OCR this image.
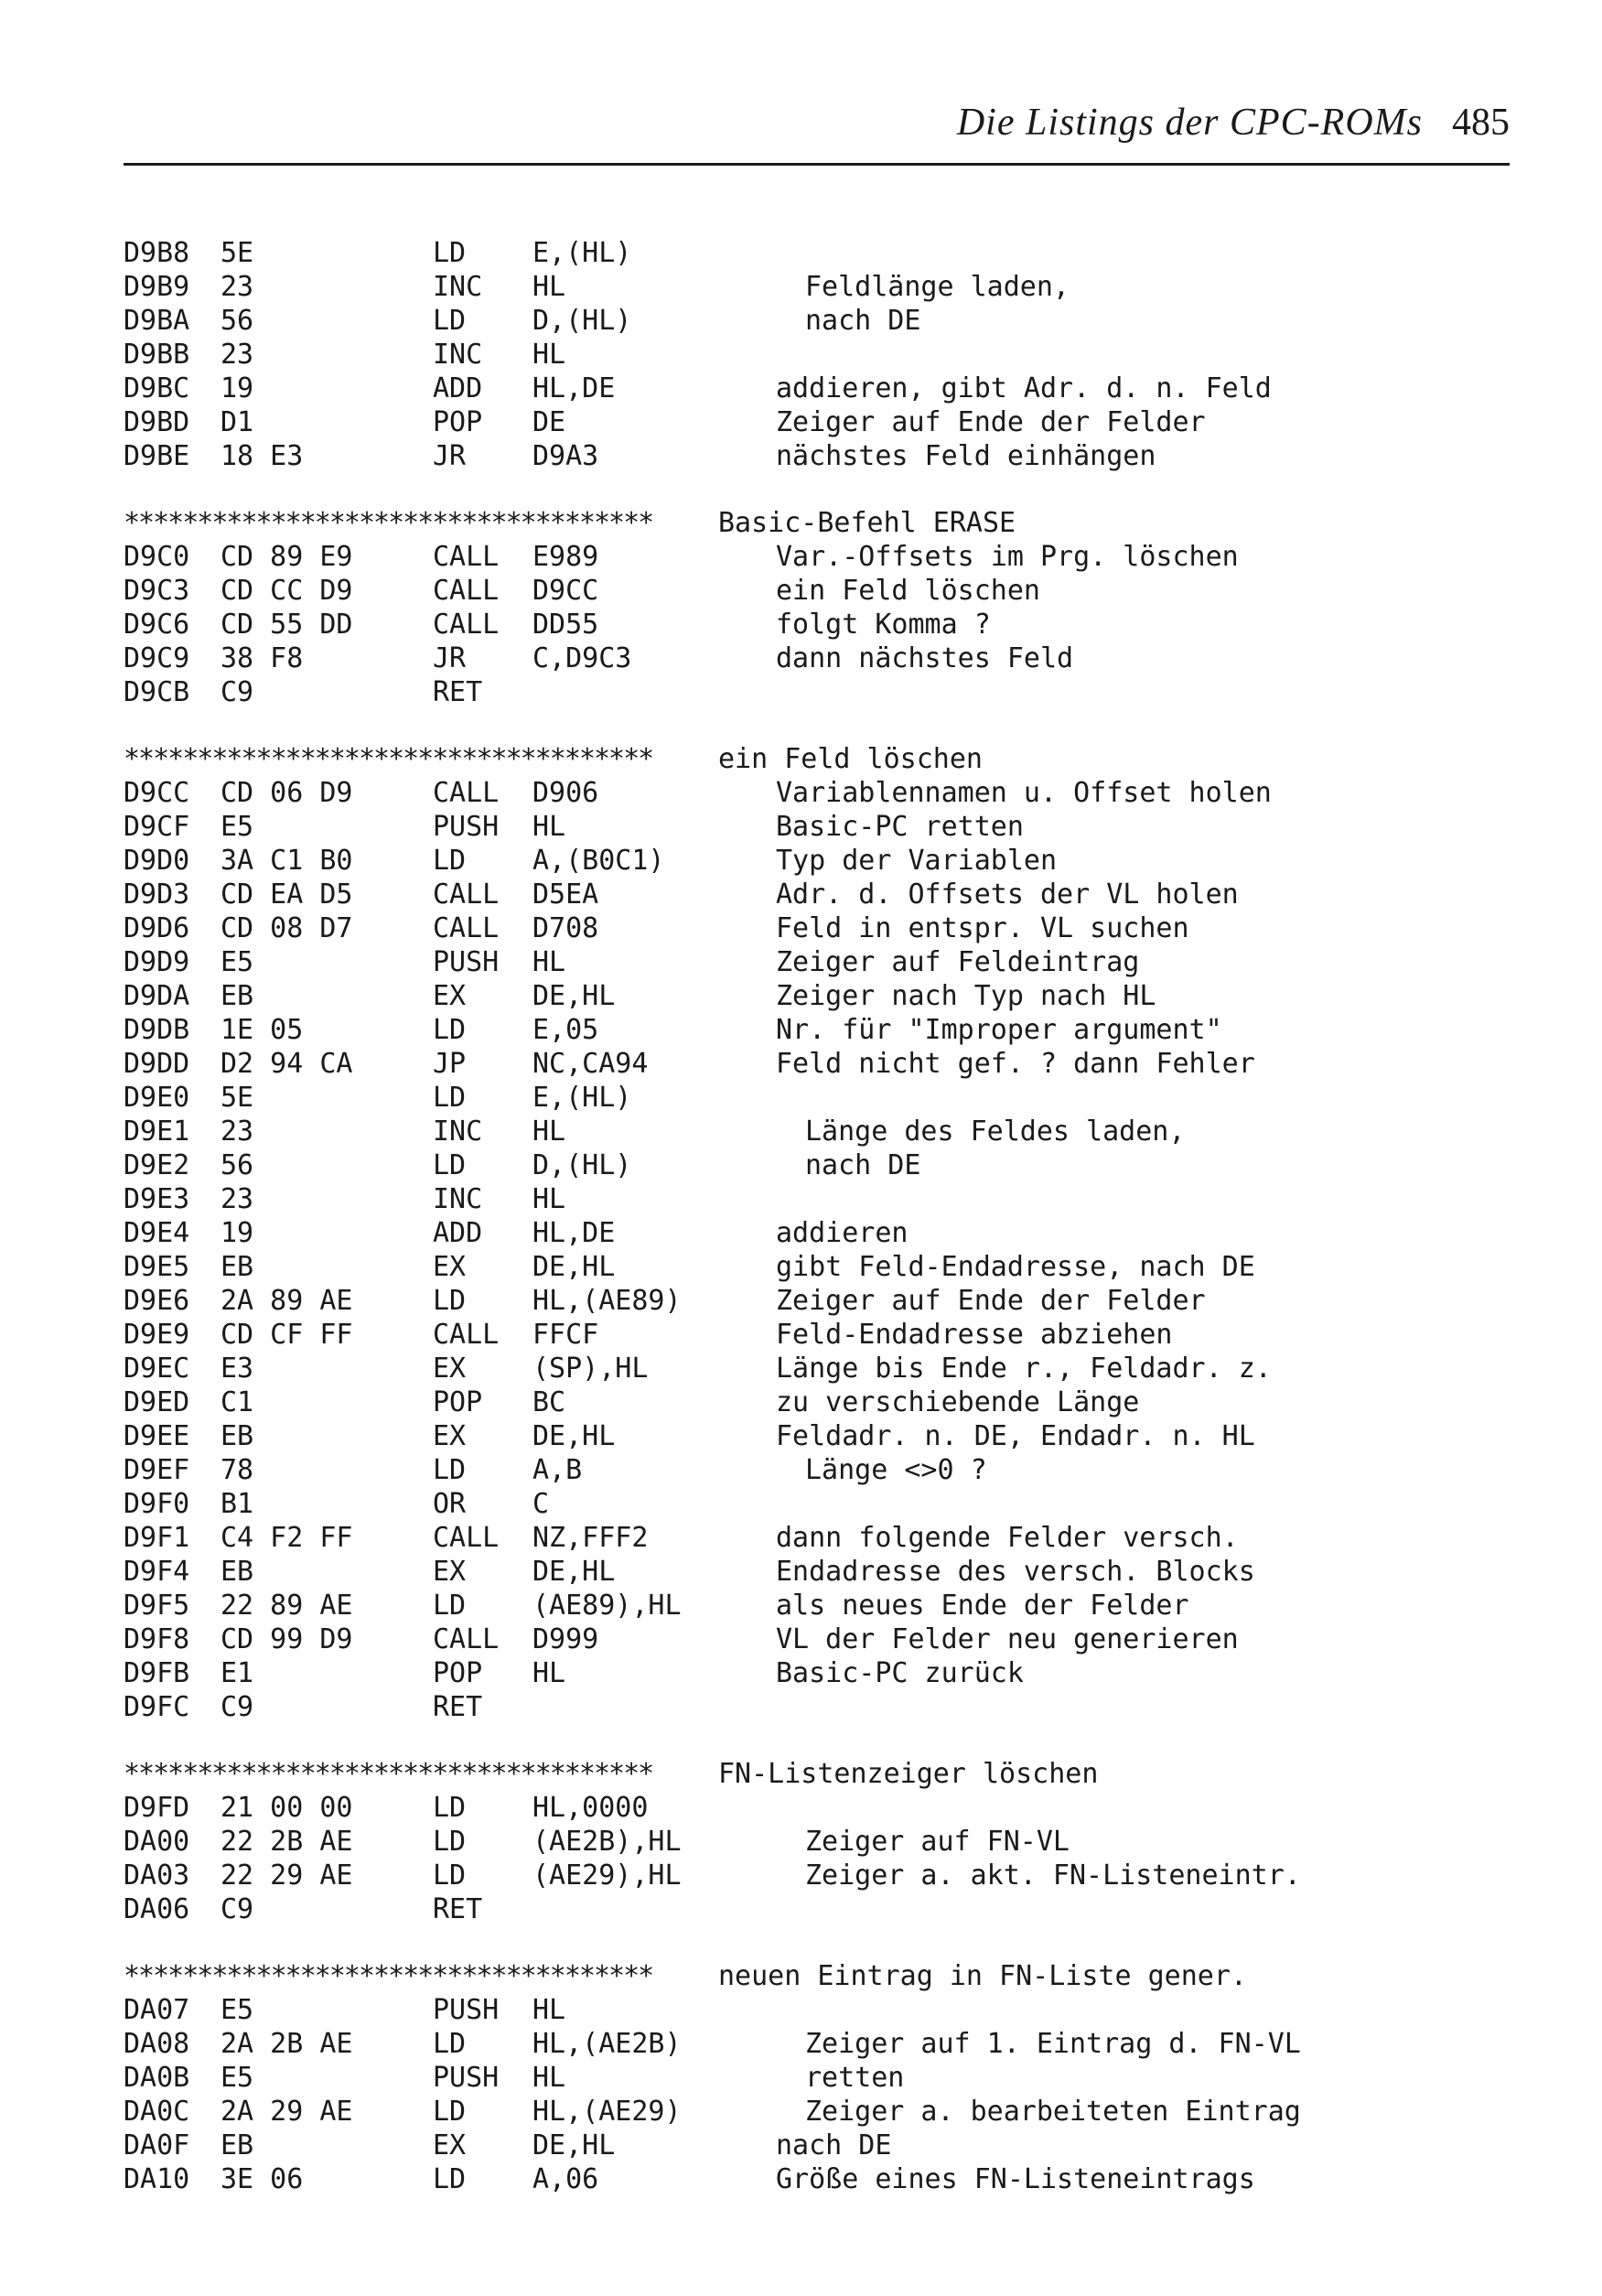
Die Listings der CPC-ROMs 485
D9B8 5E	LD E,(HL)
D9B9 23	INC HL	Feldlänge laden,
D9BA 56	LD D,(HL)	nach DE
D9BB 23	INC HL
D9BC 19	ADD HL,DE	addieren, gibt Adr. d. n. Feld
D9BD D1	POP DE	Zeiger auf Ende der Felder
D9BE 18 E3	JR D9A3	nächstes Feld einhängen
************************************ Basic-Befehl ERASE
D9C0 CD 89 E9	CALL E989	Var.-Offsets im Prg. löschen
D9C3 CD CC D9	CALL D9CC	ein Feld löschen
D9C6 CD 55 DD	CALL DD55	folgt Komma ?
D9C9 38 F8	JR C,D9C3	dann nächstes Feld
D9CB C9	RET
************************************ ein Feld löschen
D9CC CD 06 D9	CALL D906	Variablennamen u. Offset holen
D9CF E5	PUSH HL	Basic-PC retten
D9D0 3A C1 B0	LD A,(B0C1)	Typ der Variablen
D9D3 CD EA D5	CALL D5EA	Adr. d. Offsets der VL holen
D9D6 CD 08 D7	CALL D708	Feld in entspr. VL suchen
D9D9 E5	PUSH HL	Zeiger auf Feldeintrag
D9DA EB	EX DE,HL	Zeiger nach Typ nach HL
D9DB 1E 05	LD E,05	Nr. für "Improper argument"
D9DD D2 94 CA	JP NC,CA94	Feld nicht gef. ? dann Fehler
D9E0 5E	LD E,(HL)
D9E1 23	INC HL	Länge des Feldes laden,
D9E2 56	LD D,(HL)	nach DE
D9E3 23	INC HL
D9E4 19	ADD HL,DE	addieren
D9E5 EB	EX DE,HL	gibt Feld-Endadresse, nach DE
D9E6 2A 89 AE	LD HL,(AE89)	Zeiger auf Ende der Felder
D9E9 CD CF FF	CALL FFCF	Feld-Endadresse abziehen
D9EC E3	EX (SP),HL	Länge bis Ende r., Feldadr. z.
D9ED C1	POP BC	zu verschiebende Länge
D9EE EB	EX DE,HL	Feldadr. n. DE, Endadr. n. HL
D9EF 78	LD A,B	Länge <>0 ?
D9F0 B1	OR C
D9F1 C4 F2 FF	CALL NZ,FFF2	dann folgende Felder versch.
D9F4 EB	EX DE,HL	Endadresse des versch. Blocks
D9F5 22 89 AE	LD (AE89),HL	als neues Ende der Felder
D9F8 CD 99 D9	CALL D999	VL der Felder neu generieren
D9FB E1	POP HL	Basic-PC zurück
D9FC C9	RET
************************************ FN-Listenzeiger löschen
D9FD 21 00 00	LD HL,0000
DA00 22 2B AE	LD (AE2B),HL	Zeiger auf FN-VL
DA03 22 29 AE	LD (AE29),HL	Zeiger a. akt. FN-Listeneintr.
DA06 C9	RET
************************************ neuen Eintrag in FN-Liste gener.
DA07 E5	PUSH HL
DA08 2A 2B AE	LD HL,(AE2B)	Zeiger auf 1. Eintrag d. FN-VL
DA0B E5	PUSH HL	retten
DA0C 2A 29 AE	LD HL,(AE29)	Zeiger a. bearbeiteten Eintrag
DA0F EB	EX DE,HL	nach DE
DA10 3E 06	LD A,06	Größe eines FN-Listeneintrags
